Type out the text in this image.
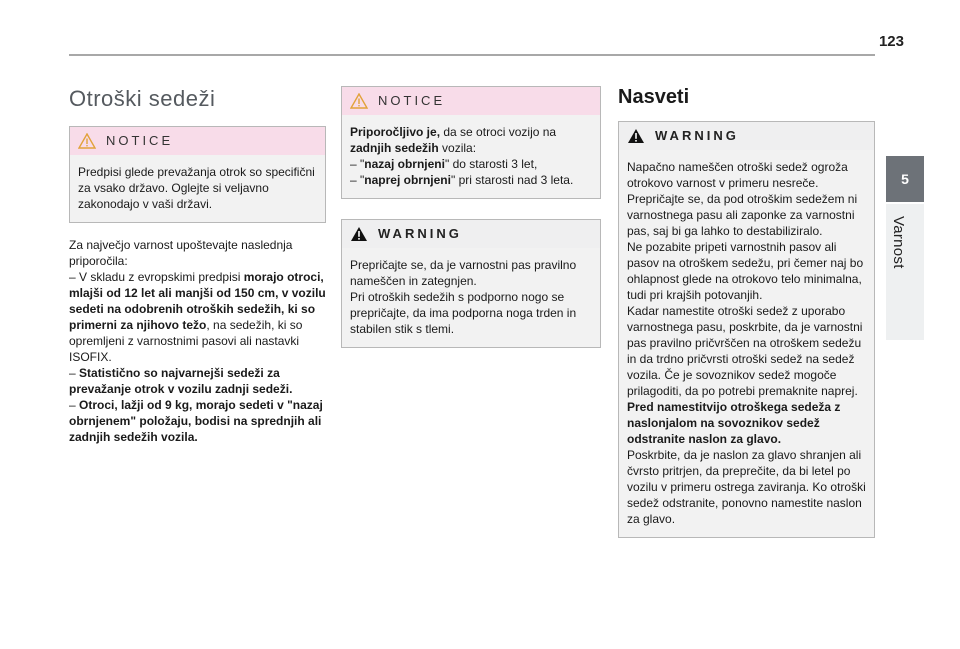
123
5
Varnost
Otroški sedeži
NOTICE

Predpisi glede prevažanja otrok so specifični za vsako državo. Oglejte si veljavno zakonodajo v vaši državi.

Za največjo varnost upoštevajte naslednja priporočila:

– V skladu z evropskimi predpisi morajo otroci, mlajši od 12 let ali manjši od 150 cm, v vozilu sedeti na odobrenih otroških sedežih, ki so primerni za njihovo težo, na sedežih, ki so opremljeni z varnostnimi pasovi ali nastavki ISOFIX.

– Statistično so najvarnejši sedeži za prevažanje otrok v vozilu zadnji sedeži.

– Otroci, lažji od 9 kg, morajo sedeti v "nazaj obrnjenem" položaju, bodisi na sprednjih ali zadnjih sedežih vozila.

NOTICE

Priporočljivo je, da se otroci vozijo na zadnjih sedežih vozila:

– "nazaj obrnjeni" do starosti 3 let,

– "naprej obrnjeni" pri starosti nad 3 leta.

WARNING

Prepričajte se, da je varnostni pas pravilno nameščen in zategnjen.

Pri otroških sedežih s podporno nogo se prepričajte, da ima podporna noga trden in stabilen stik s tlemi.

Nasveti
WARNING

Napačno nameščen otroški sedež ogroža otrokovo varnost v primeru nesreče.

Prepričajte se, da pod otroškim sedežem ni varnostnega pasu ali zaponke za varnostni pas, saj bi ga lahko to destabiliziralo.

Ne pozabite pripeti varnostnih pasov ali pasov na otroškem sedežu, pri čemer naj bo ohlapnost glede na otrokovo telo minimalna, tudi pri krajših potovanjih.

Kadar namestite otroški sedež z uporabo varnostnega pasu, poskrbite, da je varnostni pas pravilno pričvrščen na otroškem sedežu in da trdno pričvrsti otroški sedež na sedež vozila. Če je sovoznikov sedež mogoče prilagoditi, da po potrebi premaknite naprej.

Pred namestitvijo otroškega sedeža z naslonjalom na sovoznikov sedež odstranite naslon za glavo.

Poskrbite, da je naslon za glavo shranjen ali čvrsto pritrjen, da preprečite, da bi letel po vozilu v primeru ostrega zaviranja. Ko otroški sedež odstranite, ponovno namestite naslon za glavo.
